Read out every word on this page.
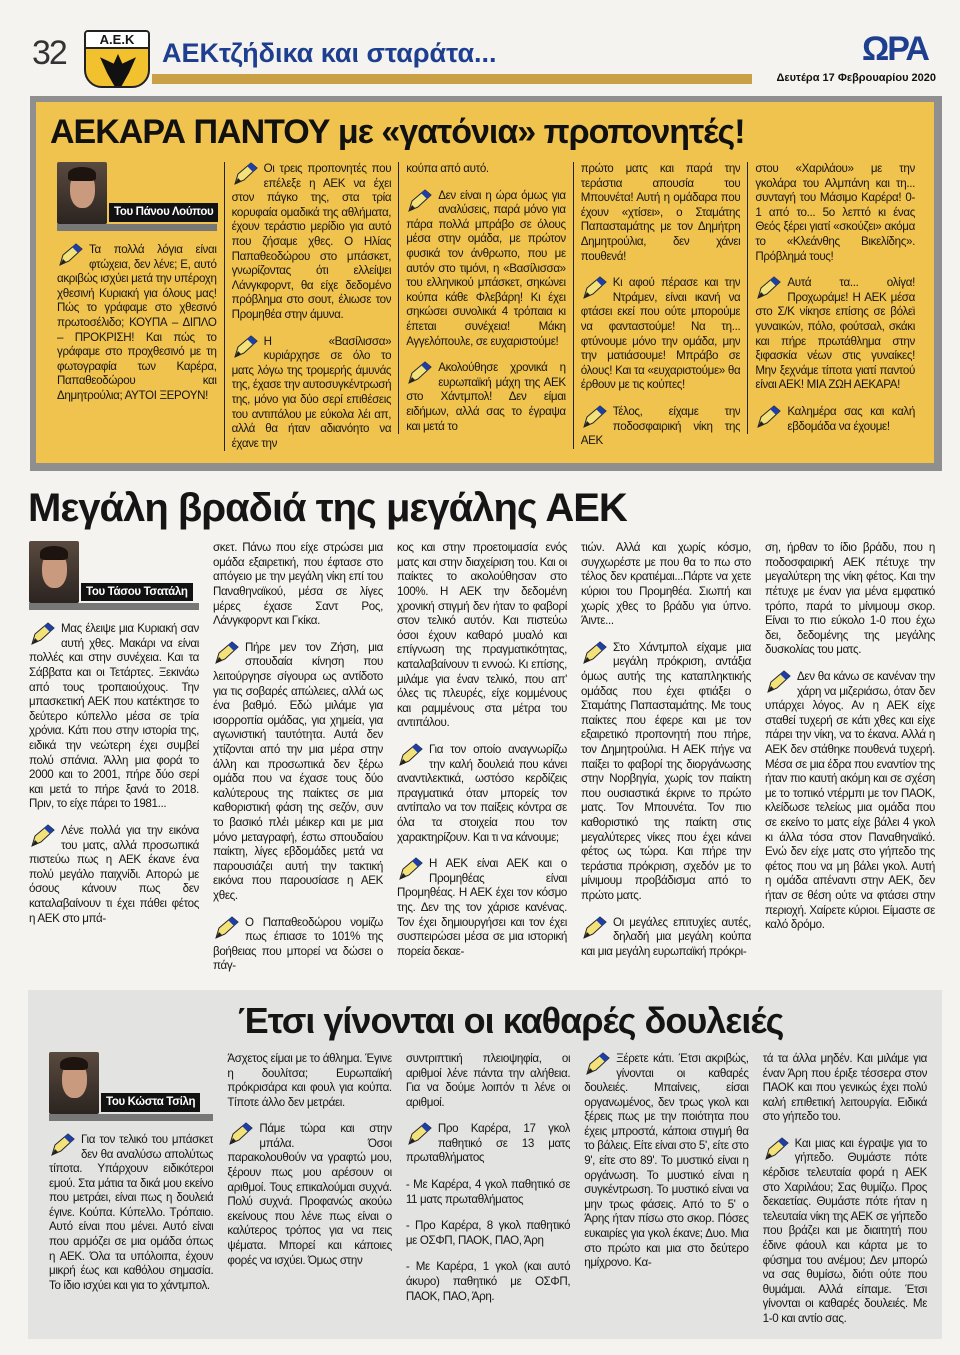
32	Α.Ε.Κ	ΑΕΚτζήδικα και σταράτα...	ΩΡΑ
Δευτέρα 17 Φεβρουαρίου 2020
ΑΕΚΑΡΑ ΠΑΝΤΟΥ με «γατόνια» προπονητές!
Του Πάνου Λούπου

Τα πολλά λόγια είναι φτώχεια, δεν λένε; Ε, αυτό ακριβώς ισχύει μετά την υπέροχη χθεσινή Κυριακή για όλους μας! Πώς το γράφαμε στο χθεσινό πρωτοσέλιδο; ΚΟΥΠΑ – ΔΙΠΛΟ – ΠΡΟΚΡΙΣΗ! Και πώς το γράφαμε στο προχθεσινό με τη φωτογραφία των Καρέρα, Παπαθεοδώρου και Δημητρούλια; ΑΥΤΟΙ ΞΕΡΟΥΝ!

Οι τρεις προπονητές που επέλεξε η ΑΕΚ να έχει στον πάγκο της, στα τρία κορυφαία ομαδικά της αθλήματα, έχουν τεράστιο μερίδιο για αυτό που ζήσαμε χθες. Ο Ηλίας Παπαθεοδώρου στο μπάσκετ, γνωρίζοντας ότι ελλείψει Λάνγκφορντ, θα είχε δεδομένο πρόβλημα στο σουτ, έλιωσε τον Προμηθέα στην άμυνα.

Η «Βασίλισσα» κυριάρχησε σε όλο το ματς λόγω της τρομερής άμυνάς της, έχασε την αυτοσυγκέντρωσή της, μόνο για δύο σερί επιθέσεις του αντιπάλου με εύκολα λέι απ, αλλά θα ήταν αδιανόητο να έχανε την

κούπα από αυτό.

Δεν είναι η ώρα όμως για αναλύσεις, παρά μόνο για πάρα πολλά μπράβο σε όλους μέσα στην ομάδα, με πρώτον φυσικά τον άνθρωπο, που με αυτόν στο τιμόνι, η «Βασίλισσα» του ελληνικού μπάσκετ, σηκώνει κούπα κάθε Φλεβάρη! Κι έχει σηκώσει συνολικά 4 τρόπαια κι έπεται συνέχεια! Μάκη Αγγελόπουλε, σε ευχαριστούμε!

Ακολούθησε χρονικά η ευρωπαϊκή μάχη της ΑΕΚ στο Χάντμπολ! Δεν είμαι ειδήμων, αλλά σας το έγραψα και μετά το

πρώτο ματς και παρά την τεράστια απουσία του Μπουνέτα! Αυτή η ομάδαρα που έχουν «χτίσει», ο Σταμάτης Παπασταμάτης με τον Δημήτρη Δημητρούλια, δεν χάνει πουθενά!

Κι αφού πέρασε και την Ντράμεν, είναι ικανή να φτάσει εκεί που ούτε μπορούμε να φανταστούμε! Να τη... φτύνουμε μόνο την ομάδα, μην την ματιάσουμε! Μπράβο σε όλους! Και τα «ευχαριστούμε» θα έρθουν με τις κούπες!

Τέλος, είχαμε την ποδοσφαιρική νίκη της ΑΕΚ

στου «Χαριλάου» με την γκολάρα του Αλμπάνη και τη... συνταγή του Μάσιμο Καρέρα! 0-1 από το... 5ο λεπτό κι ένας Θεός ξέρει γιατί «σκούζει» ακόμα το «Κλεάνθης Βικελίδης». Πρόβλημά τους!

Αυτά τα... ολίγα! Προχωράμε! Η ΑΕΚ μέσα στο Σ/Κ νίκησε επίσης σε βόλεϊ γυναικών, πόλο, φούτσαλ, σκάκι και πήρε πρωτάθλημα στην ξιφασκία νέων στις γυναίκες! Μην ξεχνάμε τίποτα γιατί παντού είναι ΑΕΚ! ΜΙΑ ΖΩΗ ΑΕΚΑΡΑ!

Καλημέρα σας και καλή εβδομάδα να έχουμε!

Μεγάλη βραδιά της μεγάλης ΑΕΚ
Του Τάσου Τσατάλη

Μας έλειψε μια Κυριακή σαν αυτή χθες. Μακάρι να είναι πολλές και στην συνέχεια. Και τα Σάββατα και οι Τετάρτες. Ξεκινάω από τους τροπαιούχους. Την μπασκετική ΑΕΚ που κατέκτησε το δεύτερο κύπελλο μέσα σε τρία χρόνια. Κάτι που στην ιστορία της, ειδικά την νεώτερη έχει συμβεί πολύ σπάνια. Άλλη μια φορά το 2000 και το 2001, πήρε δύο σερί και μετά το πήρε ξανά το 2018. Πριν, το είχε πάρει το 1981...

Λένε πολλά για την εικόνα του ματς, αλλά προσωπικά πιστεύω πως η ΑΕΚ έκανε ένα πολύ μεγάλο παιχνίδι. Απορώ με όσους κάνουν πως δεν καταλαβαίνουν τι έχει πάθει φέτος η ΑΕΚ στο μπά-

σκετ. Πάνω που είχε στρώσει μια ομάδα εξαιρετική, που έφτασε στο απόγειο με την μεγάλη νίκη επί του Παναθηναϊκού, μέσα σε λίγες μέρες έχασε Σαντ Ρος, Λάνγκφορντ και Γκίκα.

Πήρε μεν τον Ζήση, μια σπουδαία κίνηση που λειτούργησε σίγουρα ως αντίδοτο για τις σοβαρές απώλειες, αλλά ως ένα βαθμό. Εδώ μιλάμε για ισορροπία ομάδας, για χημεία, για αγωνιστική ταυτότητα. Αυτά δεν χτίζονται από την μια μέρα στην άλλη και προσωπικά δεν ξέρω ομάδα που να έχασε τους δύο καλύτερους της παίκτες σε μια καθοριστική φάση της σεζόν, συν το βασικό πλέι μέικερ και με μια μόνο μεταγραφή, έστω σπουδαίου παίκτη, λίγες εβδομάδες μετά να παρουσιάζει αυτή την τακτική εικόνα που παρουσίασε η ΑΕΚ χθες.

Ο Παπαθεοδώρου νομίζω πως έπιασε το 101% της βοήθειας που μπορεί να δώσει ο πάγ-

κος και στην προετοιμασία ενός ματς και στην διαχείριση του. Και οι παίκτες το ακολούθησαν στο 100%. Η ΑΕΚ την δεδομένη χρονική στιγμή δεν ήταν το φαβορί στον τελικό αυτόν. Και πιστεύω όσοι έχουν καθαρό μυαλό και επίγνωση της πραγματικότητας, καταλαβαίνουν τι εννοώ. Κι επίσης, μιλάμε για έναν τελικό, που απ' όλες τις πλευρές, είχε κομμένους και ραμμένους στα μέτρα του αντιπάλου.

Για τον οποίο αναγνωρίζω την καλή δουλειά που κάνει αναντιλεκτικά, ωστόσο κερδίζεις πραγματικά όταν μπορείς τον αντίπαλο να τον παίξεις κόντρα σε όλα τα στοιχεία που τον χαρακτηρίζουν. Και τι να κάνουμε;

Η ΑΕΚ είναι ΑΕΚ και ο Προμηθέας είναι Προμηθέας. Η ΑΕΚ έχει τον κόσμο της. Δεν της τον χάρισε κανένας. Τον έχει δημιουργήσει και τον έχει συσπειρώσει μέσα σε μια ιστορική πορεία δεκαε-

τιών. Αλλά και χωρίς κόσμο, συγχωρέστε με που θα το πω στο τέλος δεν κρατιέμαι...Πάρτε να χετε κύριοι του Προμηθέα. Σιωπή και χωρίς χθες το βράδυ για ύπνο. Άιντε...

Στο Χάντμπολ είχαμε μια μεγάλη πρόκριση, αντάξια όμως αυτής της καταπληκτικής ομάδας που έχει φτιάξει ο Σταμάτης Παπασταμάτης. Με τους παίκτες που έφερε και με τον εξαιρετικό προπονητή που πήρε, τον Δημητρούλια. Η ΑΕΚ πήγε να παίξει το φαβορί της διοργάνωσης στην Νορβηγία, χωρίς τον παίκτη που ουσιαστικά έκρινε το πρώτο ματς. Τον Μπουνέτα. Τον πιο καθοριστικό της παίκτη στις μεγαλύτερες νίκες που έχει κάνει φέτος ως τώρα. Και πήρε την τεράστια πρόκριση, σχεδόν με το μίνιμουμ προβάδισμα από το πρώτο ματς.

Οι μεγάλες επιτυχίες αυτές, δηλαδή μια μεγάλη κούπα και μια μεγάλη ευρωπαϊκή πρόκρι-

ση, ήρθαν το ίδιο βράδυ, που η ποδοσφαιρική ΑΕΚ πέτυχε την μεγαλύτερη της νίκη φέτος. Και την πέτυχε με έναν για μένα εμφατικό τρόπο, παρά το μίνιμουμ σκορ. Είναι το πιο εύκολο 1-0 που έχω δει, δεδομένης της μεγάλης δυσκολίας του ματς.

Δεν θα κάνω σε κανέναν την χάρη να μιζεριάσω, όταν δεν υπάρχει λόγος. Αν η ΑΕΚ είχε σταθεί τυχερή σε κάτι χθες και είχε πάρει την νίκη, να το έκανα. Αλλά η ΑΕΚ δεν στάθηκε πουθενά τυχερή. Μέσα σε μια έδρα που εναντίον της ήταν πιο καυτή ακόμη και σε σχέση με το τοπικό ντέρμπι με τον ΠΑΟΚ, κλείδωσε τελείως μια ομάδα που σε εκείνο το ματς είχε βάλει 4 γκολ κι άλλα τόσα στον Παναθηναϊκό. Ενώ δεν είχε ματς στο γήπεδο της φέτος που να μη βάλει γκολ. Αυτή η ομάδα απέναντι στην ΑΕΚ, δεν ήταν σε θέση ούτε να φτάσει στην περιοχή. Χαίρετε κύριοι. Είμαστε σε καλό δρόμο.

Έτσι γίνονται οι καθαρές δουλειές
Του Κώστα Τσίλη

Για τον τελικό του μπάσκετ δεν θα αναλύσω απολύτως τίποτα. Υπάρχουν ειδικότεροι εμού. Στα μάτια τα δικά μου εκείνο που μετράει, είναι πως η δουλειά έγινε. Κούπα. Κύπελλο. Τρόπαιο. Αυτό είναι που μένει. Αυτό είναι που αρμόζει σε μια ομάδα όπως η ΑΕΚ. Όλα τα υπόλοιπα, έχουν μικρή έως και καθόλου σημασία. Το ίδιο ισχύει και για το χάντμπολ.

Άσχετος είμαι με το άθλημα. Έγινε η δουλίτσα; Ευρωπαϊκή πρόκρισάρα και φουλ για κούπα. Τίποτε άλλο δεν μετράει.

Πάμε τώρα και στην μπάλα. Όσοι παρακολουθούν να γραφτώ μου, ξέρουν πως μου αρέσουν οι αριθμοί. Τους επικαλούμαι συχνά. Πολύ συχνά. Προφανώς ακούω εκείνους που λένε πως είναι ο καλύτερος τρόπος για να πεις ψέματα. Μπορεί και κάποιες φορές να ισχύει. Όμως στην

συντριπτική πλειοψηφία, οι αριθμοί λένε πάντα την αλήθεια. Για να δούμε λοιπόν τι λένε οι αριθμοί.

Προ Καρέρα, 17 γκολ παθητικό σε 13 ματς πρωταθλήματος

- Με Καρέρα, 4 γκολ παθητικό σε 11 ματς πρωταθλήματος

- Προ Καρέρα, 8 γκολ παθητικό με ΟΣΦΠ, ΠΑΟΚ, ΠΑΟ, Άρη

- Με Καρέρα, 1 γκολ (και αυτό άκυρο) παθητικό με ΟΣΦΠ, ΠΑΟΚ, ΠΑΟ, Άρη.

Ξέρετε κάτι. Έτσι ακριβώς, γίνονται οι καθαρές δουλειές. Μπαίνεις, είσαι οργανωμένος, δεν τρως γκολ και ξέρεις πως με την ποιότητα που έχεις μπροστά, κάποια στιγμή θα το βάλεις. Είτε είναι στο 5', είτε στο 9', είτε στο 89'. Το μυστικό είναι η οργάνωση. Το μυστικό είναι η συγκέντρωση. Το μυστικό είναι να μην τρως φάσεις. Από το 5' ο Άρης ήταν πίσω στο σκορ. Πόσες ευκαιρίες για γκολ έκανε; Δυο. Μια στο πρώτο και μια στο δεύτερο ημίχρονο. Κα-

τά τα άλλα μηδέν. Και μιλάμε για έναν Άρη που έριξε τέσσερα στον ΠΑΟΚ και που γενικώς έχει πολύ καλή επιθετική λειτουργία. Ειδικά στο γήπεδο του.

Και μιας και έγραψε για το γήπεδο. Θυμάστε πότε κέρδισε τελευταία φορά η ΑΕΚ στο Χαριλάου; Σας θυμίζω. Προς δεκαετίας. Θυμάστε πότε ήταν η τελευταία νίκη της ΑΕΚ σε γήπεδο που βράζει και με διαιτητή που έδινε φάουλ και κάρτα με το φύσημα του ανέμου; Δεν μπορώ να σας θυμίσω, διότι ούτε που θυμάμαι. Αλλά είπαμε. Έτσι γίνονται οι καθαρές δουλειές. Με 1-0 και αντίο σας.
